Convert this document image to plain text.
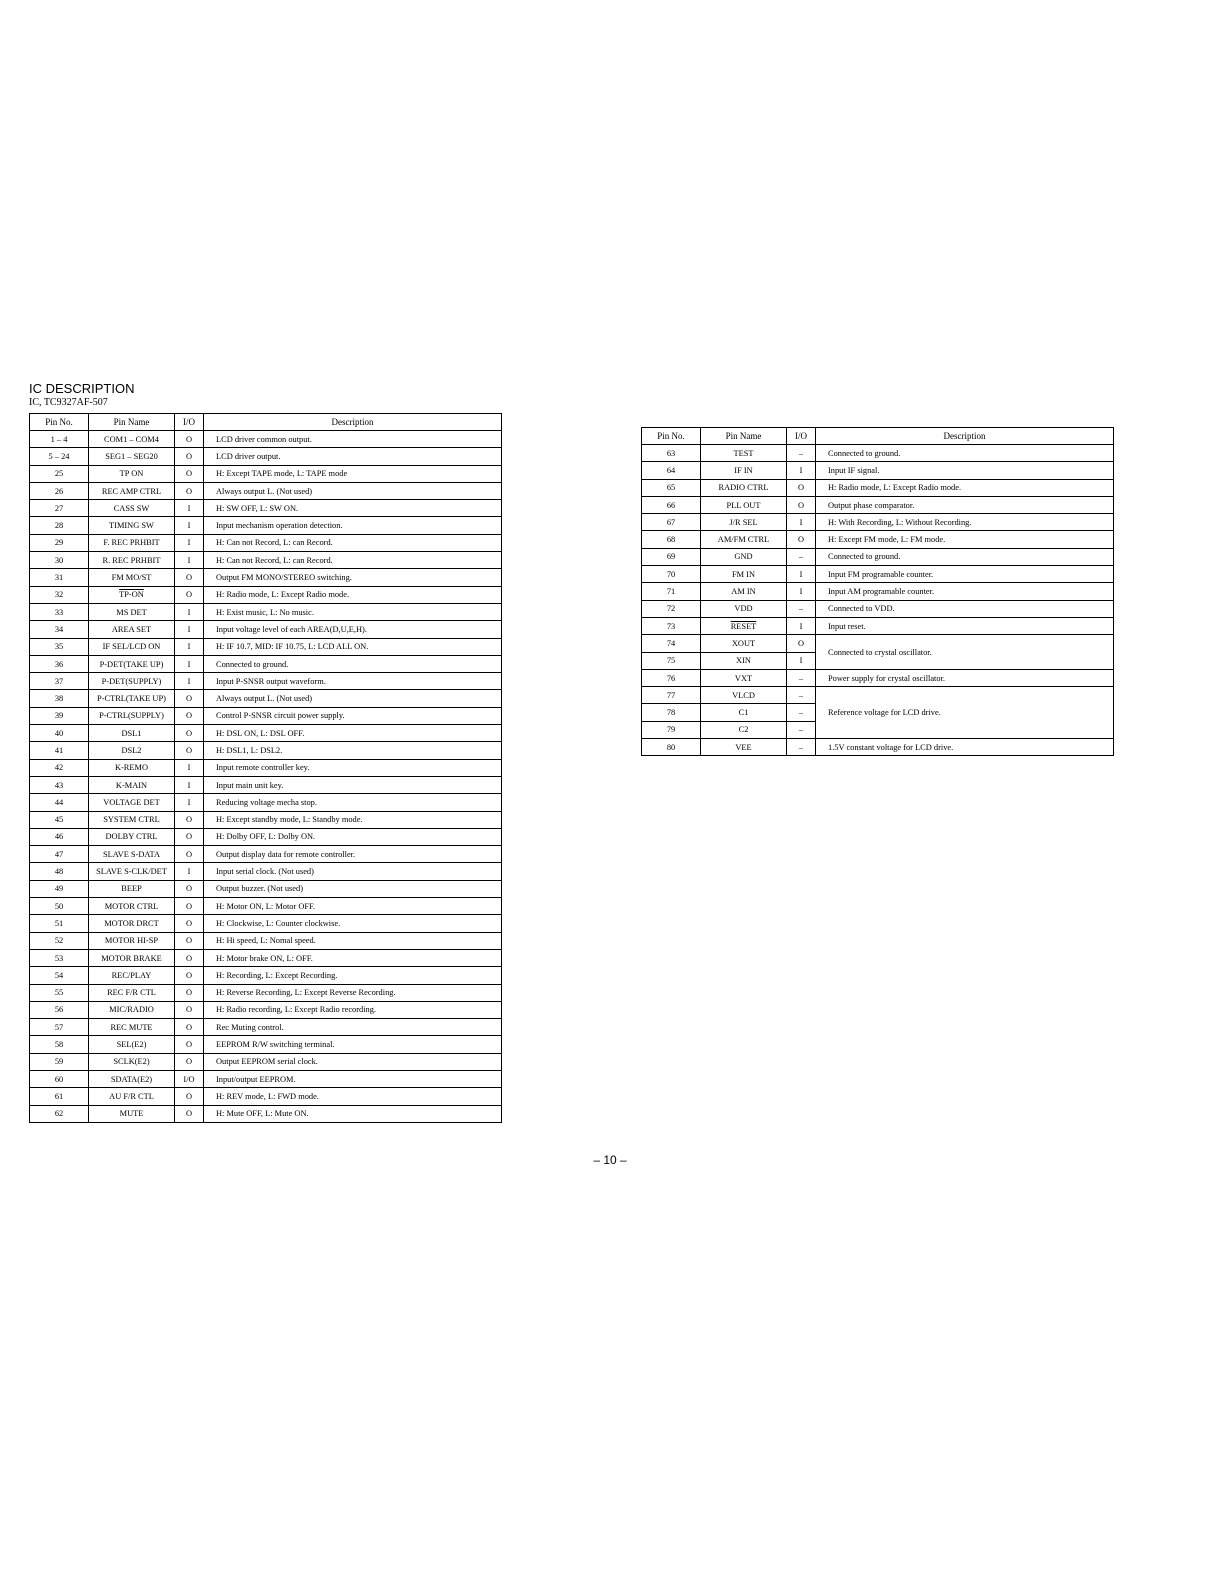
IC DESCRIPTION
IC, TC9327AF-507
Pin No.	Pin Name	I/O	Description
1 – 4	COM1 – COM4	O	LCD driver common output.
5 – 24	SEG1 – SEG20	O	LCD driver output.
25	TP ON	O	H: Except TAPE mode, L: TAPE mode
26	REC AMP CTRL	O	Always output L. (Not used)
27	CASS SW	I	H: SW OFF, L: SW ON.
28	TIMING SW	I	Input mechanism operation detection.
29	F. REC PRHBIT	I	H: Can not Record, L: can Record.
30	R. REC PRHBIT	I	H: Can not Record, L: can Record.
31	FM MO/ST	O	Output FM MONO/STEREO switching.
32	TP-ON	O	H: Radio mode, L: Except Radio mode.
33	MS DET	I	H: Exist music, L: No music.
34	AREA SET	I	Input voltage level of each AREA(D,U,E,H).
35	IF SEL/LCD ON	I	H: IF 10.7, MID: IF 10.75, L: LCD ALL ON.
36	P-DET(TAKE UP)	I	Connected to ground.
37	P-DET(SUPPLY)	I	Input P-SNSR output waveform.
38	P-CTRL(TAKE UP)	O	Always output L. (Not used)
39	P-CTRL(SUPPLY)	O	Control P-SNSR circuit power supply.
40	DSL1	O	H: DSL ON, L: DSL OFF.
41	DSL2	O	H: DSL1, L: DSL2.
42	K-REMO	I	Input remote controller key.
43	K-MAIN	I	Input main unit key.
44	VOLTAGE DET	I	Reducing voltage mecha stop.
45	SYSTEM CTRL	O	H: Except standby mode, L: Standby mode.
46	DOLBY CTRL	O	H: Dolby OFF, L: Dolby ON.
47	SLAVE S-DATA	O	Output display data for remote controller.
48	SLAVE S-CLK/DET	I	Input serial clock. (Not used)
49	BEEP	O	Output buzzer. (Not used)
50	MOTOR CTRL	O	H: Motor ON, L: Motor OFF.
51	MOTOR DRCT	O	H: Clockwise, L: Counter clockwise.
52	MOTOR HI-SP	O	H: Hi speed, L: Nomal speed.
53	MOTOR BRAKE	O	H: Motor brake ON, L: OFF.
54	REC/PLAY	O	H: Recording, L: Except Recording.
55	REC F/R CTL	O	H: Reverse Recording, L: Except Reverse Recording.
56	MIC/RADIO	O	H: Radio recording, L: Except Radio recording.
57	REC MUTE	O	Rec Muting control.
58	SEL(E2)	O	EEPROM R/W switching terminal.
59	SCLK(E2)	O	Output EEPROM serial clock.
60	SDATA(E2)	I/O	Input/output EEPROM.
61	AU F/R CTL	O	H: REV mode, L: FWD mode.
62	MUTE	O	H: Mute OFF, L: Mute ON.
Pin No.	Pin Name	I/O	Description
63	TEST	–	Connected to ground.
64	IF IN	I	Input IF signal.
65	RADIO CTRL	O	H: Radio mode, L: Except Radio mode.
66	PLL OUT	O	Output phase comparator.
67	J/R SEL	I	H: With Recording, L: Without Recording.
68	AM/FM CTRL	O	H: Except FM mode, L: FM mode.
69	GND	–	Connected to ground.
70	FM IN	I	Input FM programable counter.
71	AM IN	I	Input AM programable counter.
72	VDD	–	Connected to VDD.
73	RESET	I	Input reset.
74	XOUT	O	Connected to crystal oscillator.
75	XIN	I	
76	VXT	–	Power supply for crystal oscillator.
77	VLCD	–	Reference voltage for LCD drive.
78	C1	–	
79	C2	–	
80	VEE	–	1.5V constant voltage for LCD drive.
– 10 –
